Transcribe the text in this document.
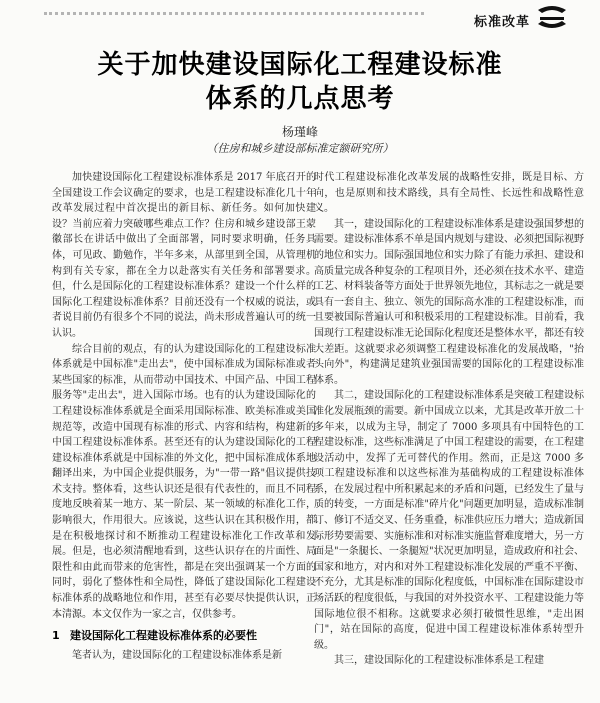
标准改革
关于加快建设国际化工程建设标准
体系的几点思考
杨瑾峰
（住房和城乡建设部标准定额研究所）

加快建设国际化工程建设标准体系是 2017 年底召开的全国建设工作会议确定的要求，也是工程建设标准化几十年改革发展过程中首次提出的新目标、新任务。如何加快建设？当前应着力突破哪些难点工作？住房和城乡建设部王蒙徽部长在讲话中做出了全面部署，同时要求明确，任务具体，可见政、勤勉作，半年多来，从部里到全国，从管理机构到有关专家，都在全力以赴落实有关任务和部署要求。但，什么是国际化的工程建设标准体系？建设一个什么样的国际化工程建设标准体系？目前还没有一个权威的说法，或者说目前仍有很多个不同的说法，尚未形成普遍认可的统一认识。

综合目前的观点，有的认为建设国际化的工程建设标准体系就是中国标准"走出去"，使中国标准成为国际标准或者某些国家的标准，从而带动中国技术、中国产品、中国工程服务等"走出去"，进入国际市场。也有的认为建设国际化的工程建设标准体系就是全面采用国际标准、欧美标准或美国规范等，改造中国现有标准的形式、内容和结构，构建新的中国工程建设标准体系。甚至还有的认为建设国际化的工程建设标准体系就是中国标准的外文化，把中国标准成体系地翻译出来，为中国企业提供服务，为"一带一路"倡议提供技术支持。整体看，这些认识还是很有代表性的，而且不同程度地反映着某一地方、某一阶层、某一领域的标准化工作，影响很大，作用很大。应该说，这些认识在其积极作用，都是在积极地探讨和不断推动工程建设标准化工作改革和发展。但是，也必须清醒地看到，这些认识存在的片面性、局限性和由此而带来的危害性，都是在突出强调某一个方面的同时，弱化了整体性和全局性，降低了建设国际化工程建设标准体系的战略地位和作用，甚至有必要尽快提供认识，正本清源。本文仅作为一家之言，仅供参考。

1 建设国际化工程建设标准体系的必要性

笔者认为，建设国际化的工程建设标准体系是新

时代工程建设标准化改革发展的战略性安排，既是目标、方向，也是原则和技术路线，具有全局性、长远性和战略性意义。

其一，建设国际化的工程建设标准体系是建设强国梦想的需要。建设标准体系不单是国内规划与建设、必须把国际视野的地位和实力。国际强国地位和实力除了有能力承担、建设和高质量完成各种复杂的工程项目外，还必须在技术水平、建造工艺、材料装备等方面处于世界领先地位，其标志之一就是要具有一套自主、独立、领先的国际高水准的工程建设标准，而且要被国际普遍认可和积极采用的工程建设标准。目前看，我国现行工程建设标准无论国际化程度还是整体水平，都还有较大差距。这就要求必须调整工程建设标准化的发展战略，"抬头向外"，构建满足建筑业强国需要的国际化的工程建设标准体系。

其二，建设国际化的工程建设标准体系是突破工程建设标准化发展瓶颈的需要。新中国成立以来，尤其是改革开放二十多年来，以成为主导，制定了 7000 多项具有中国特色的工程建设标准，这些标准满足了中国工程建设的需要，在工程建设活动中，发挥了无可替代的作用。然而，正是这 7000 多项工程建设标准和以这些标准为基础构成的工程建设标准体系，在发展过程中所积累起来的矛盾和问题，已经发生了量与质的转变，一方面是标准"碎片化"问题更加明显，造成标准制订、修订不适交叉、任务重叠，标准供应压力增大；造成新国际形势要需要、实施标准和对标准实施监督难度增大，另一方面是"一条腿长、一条腿短"状况更加明显，造成政府和社会、国家和地方，对内和对外工程建设标准化发展的严重不平衡、不充分，尤其是标准的国际化程度低，中国标准在国际建设市场活跃的程度很低，与我国的对外投资水平、工程建设能力等国际地位很不相称。这就要求必须打破惯性思维，"走出困门"，站在国际的高度，促进中国工程建设标准体系转型升级。

其三，建设国际化的工程建设标准体系是工程建
